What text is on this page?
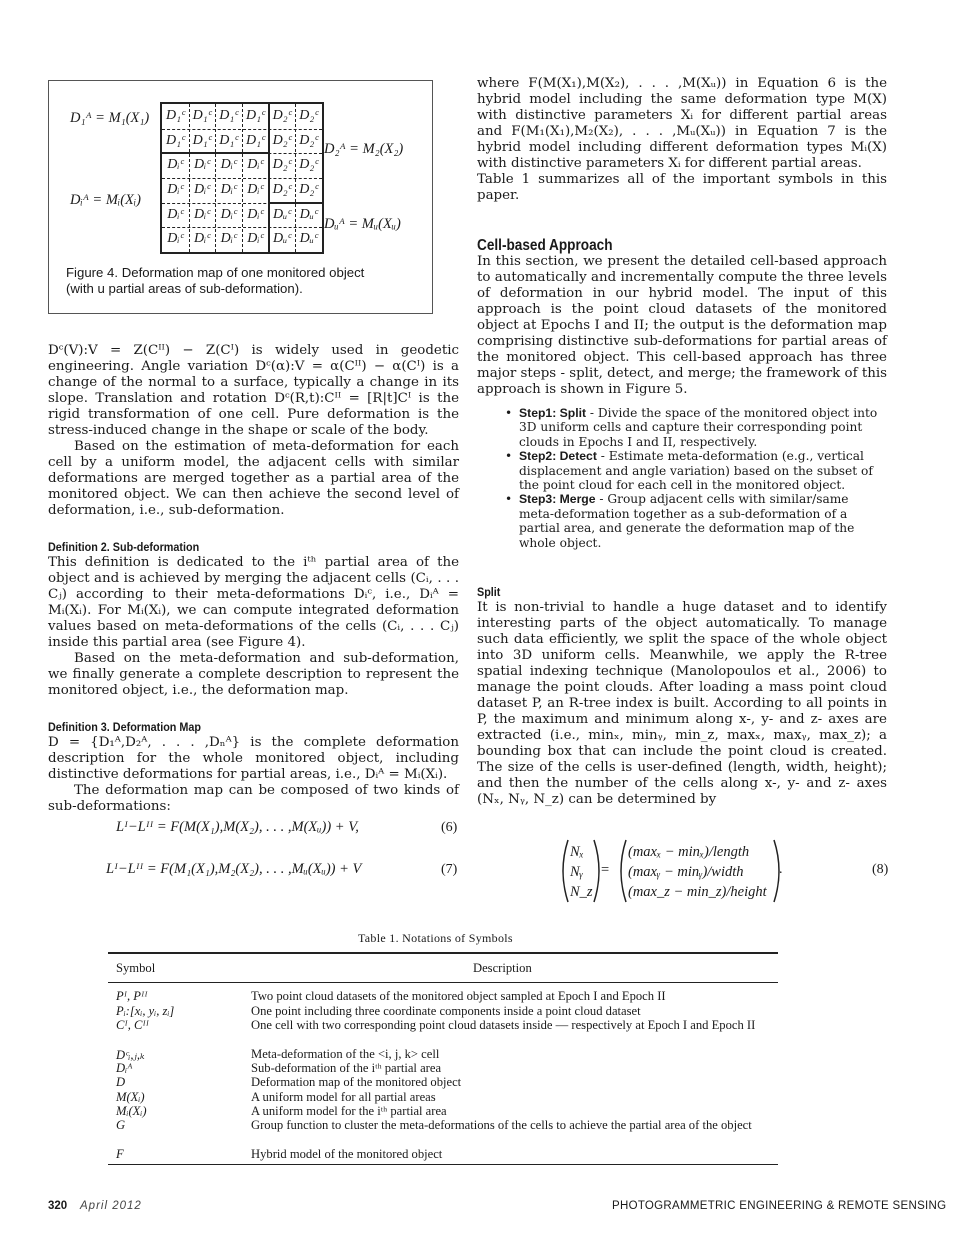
D₁ᴬ = M₁(X₁)
Dᵢᴬ = Mᵢ(Xᵢ)
D₂ᴬ = M₂(X₂)
Dᵤᴬ = Mᵤ(Xᵤ)
D₁ᶜ D₁ᶜ D₁ᶜ D₁ᶜ D₂ᶜ D₂ᶜ
D₁ᶜ D₁ᶜ D₁ᶜ D₁ᶜ D₂ᶜ D₂ᶜ
Dᵢᶜ Dᵢᶜ Dᵢᶜ Dᵢᶜ D₂ᶜ D₂ᶜ
Dᵢᶜ Dᵢᶜ Dᵢᶜ Dᵢᶜ D₂ᶜ D₂ᶜ
Dᵢᶜ Dᵢᶜ Dᵢᶜ Dᵢᶜ Dᵤᶜ Dᵤᶜ
Dᵢᶜ Dᵢᶜ Dᵢᶜ Dᵢᶜ Dᵤᶜ Dᵤᶜ
Figure 4. Deformation map of one monitored object
(with u partial areas of sub-deformation).

Dᶜ(V):V = Z(Cᴵᴵ) − Z(Cᴵ) is widely used in geodetic engineering. Angle variation Dᶜ(α):V = α(Cᴵᴵ) − α(Cᴵ) is a change of the normal to a surface, typically a change in its slope. Translation and rotation Dᶜ(R,t):Cᴵᴵ = [R|t]Cᴵ is the rigid transformation of one cell. Pure deformation is the stress-induced change in the shape or scale of the body.

Based on the estimation of meta-deformation for each cell by a uniform model, the adjacent cells with similar deformations are merged together as a partial area of the monitored object. We can then achieve the second level of deformation, i.e., sub-deformation.

Definition 2. Sub-deformation

This definition is dedicated to the iᵗʰ partial area of the object and is achieved by merging the adjacent cells (Cᵢ, . . . Cⱼ) according to their meta-deformations Dᵢᶜ, i.e., Dᵢᴬ = Mᵢ(Xᵢ). For Mᵢ(Xᵢ), we can compute integrated deformation values based on meta-deformations of the cells (Cᵢ, . . . Cⱼ) inside this partial area (see Figure 4).

Based on the meta-deformation and sub-deformation, we finally generate a complete description to represent the monitored object, i.e., the deformation map.

Definition 3. Deformation Map

D = {D₁ᴬ,D₂ᴬ, . . . ,Dₙᴬ} is the complete deformation description for the whole monitored object, including distinctive deformations for partial areas, i.e., Dᵢᴬ = Mᵢ(Xᵢ).

The deformation map can be composed of two kinds of sub-deformations:

Lᴵ−Lᴵᴵ = F(M(X₁),M(X₂), . . . ,M(Xᵤ)) + V,	(6)
Lᴵ−Lᴵᴵ = F(M₁(X₁),M₂(X₂), . . . ,Mᵤ(Xᵤ)) + V	(7)

where F(M(X₁),M(X₂), . . . ,M(Xᵤ)) in Equation 6 is the hybrid model including the same deformation type M(X) with distinctive parameters Xᵢ for different partial areas and F(M₁(X₁),M₂(X₂), . . . ,Mᵤ(Xᵤ)) in Equation 7 is the hybrid model including different deformation types Mᵢ(X) with distinctive parameters Xᵢ for different partial areas.

Table 1 summarizes all of the important symbols in this paper.

Cell-based Approach

In this section, we present the detailed cell-based approach to automatically and incrementally compute the three levels of deformation in our hybrid model. The input of this approach is the point cloud datasets of the monitored object at Epochs I and II; the output is the deformation map comprising distinctive sub-deformations for partial areas of the monitored object. This cell-based approach has three major steps - split, detect, and merge; the framework of this approach is shown in Figure 5.

• Step1: Split - Divide the space of the monitored object into 3D uniform cells and capture their corresponding point clouds in Epochs I and II, respectively.
• Step2: Detect - Estimate meta-deformation (e.g., vertical displacement and angle variation) based on the subset of the point cloud for each cell in the monitored object.
• Step3: Merge - Group adjacent cells with similar/same meta-deformation together as a sub-deformation of a partial area, and generate the deformation map of the whole object.
Split

It is non-trivial to handle a huge dataset and to identify interesting parts of the object automatically. To manage such data efficiently, we split the space of the whole object into 3D uniform cells. Meanwhile, we apply the R-tree spatial indexing technique (Manolopoulos et al., 2006) to manage the point clouds. After loading a mass point cloud dataset P, an R-tree index is built. According to all points in P, the maximum and minimum along x-, y- and z- axes are extracted (i.e., minₓ, minᵧ, min_z, maxₓ, maxᵧ, max_z); a bounding box that can include the point cloud is created. The size of the cells is user-defined (length, width, height); and then the number of the cells along x-, y- and z- axes (Nₓ, Nᵧ, N_z) can be determined by

Nₓ
Nᵧ
N_z
=
(maxₓ − minₓ)/length
(maxᵧ − minᵧ)/width
(max_z − min_z)/height
.	(8)
Table 1. Notations of Symbols
Symbol	Description
Pᴵ, Pᴵᴵ	Two point cloud datasets of the monitored object sampled at Epoch I and Epoch II
Pᵢ:[xᵢ, yᵢ, zᵢ]	One point including three coordinate components inside a point cloud dataset
Cᴵ, Cᴵᴵ	One cell with two corresponding point cloud datasets inside — respectively at Epoch I and Epoch II
Dᶜᵢ,ⱼ,ₖ	Meta-deformation of the <i, j, k> cell
Dᵢᴬ	Sub-deformation of the iᵗʰ partial area
D	Deformation map of the monitored object
M(Xᵢ)	A uniform model for all partial areas
Mᵢ(Xᵢ)	A uniform model for the iᵗʰ partial area
G	Group function to cluster the meta-deformations of the cells to achieve the partial area of the object
F	Hybrid model of the monitored object
320 April 2012	PHOTOGRAMMETRIC ENGINEERING & REMOTE SENSING
